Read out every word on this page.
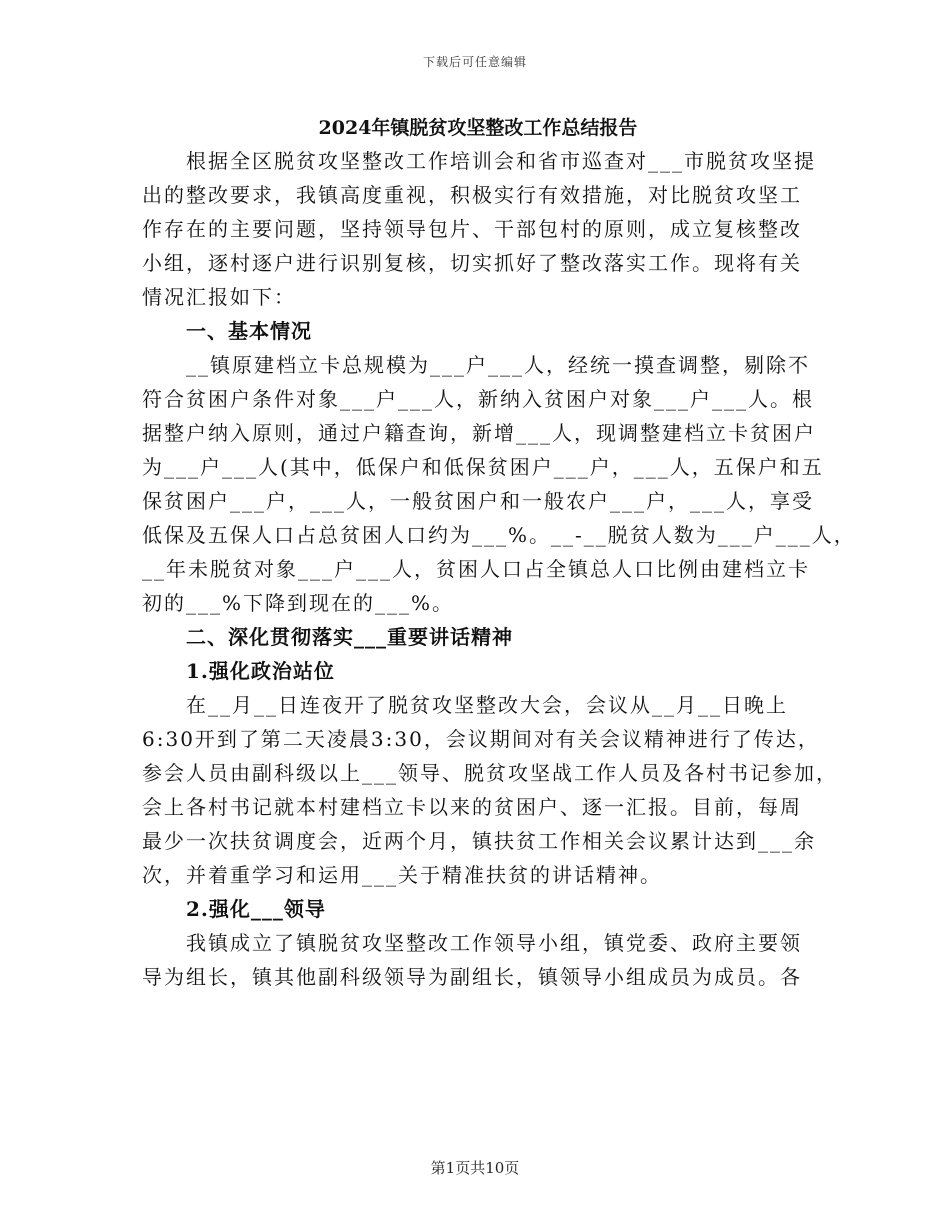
下载后可任意编辑
2024年镇脱贫攻坚整改工作总结报告
根据全区脱贫攻坚整改工作培训会和省市巡查对___市脱贫攻坚提
出的整改要求，我镇高度重视，积极实行有效措施，对比脱贫攻坚工
作存在的主要问题，坚持领导包片、干部包村的原则，成立复核整改
小组，逐村逐户进行识别复核，切实抓好了整改落实工作。现将有关
情况汇报如下：
一、基本情况
__镇原建档立卡总规模为___户___人，经统一摸查调整，剔除不
符合贫困户条件对象___户___人，新纳入贫困户对象___户___人。根
据整户纳入原则，通过户籍查询，新增___人，现调整建档立卡贫困户
为___户___人(其中，低保户和低保贫困户___户，___人，五保户和五
保贫困户___户，___人，一般贫困户和一般农户___户，___人，享受
低保及五保人口占总贫困人口约为___%。__-__脱贫人数为___户___人，
__年未脱贫对象___户___人，贫困人口占全镇总人口比例由建档立卡
初的___%下降到现在的___%。
二、深化贯彻落实___重要讲话精神
1.强化政治站位
在__月__日连夜开了脱贫攻坚整改大会，会议从__月__日晚上
6:30开到了第二天凌晨3:30，会议期间对有关会议精神进行了传达，
参会人员由副科级以上___领导、脱贫攻坚战工作人员及各村书记参加，
会上各村书记就本村建档立卡以来的贫困户、逐一汇报。目前，每周
最少一次扶贫调度会，近两个月，镇扶贫工作相关会议累计达到___余
次，并着重学习和运用___关于精准扶贫的讲话精神。
2.强化___领导
我镇成立了镇脱贫攻坚整改工作领导小组，镇党委、政府主要领
导为组长，镇其他副科级领导为副组长，镇领导小组成员为成员。各
第1页共10页
